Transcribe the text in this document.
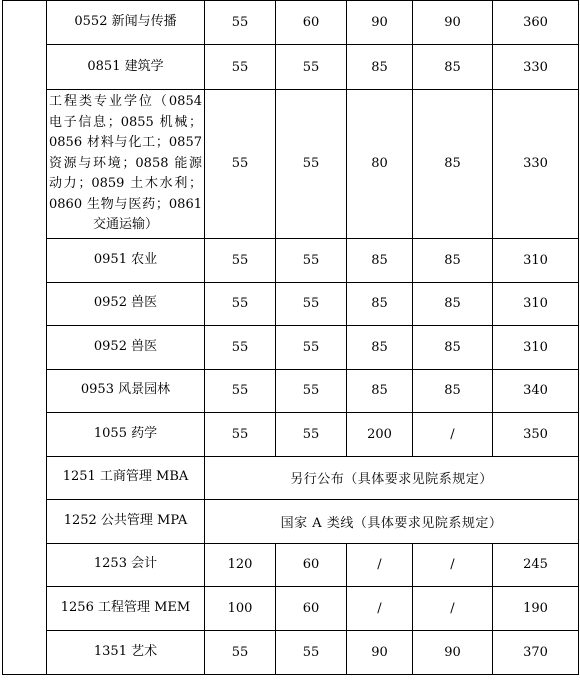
	0552 新闻与传播	55	60	90	90	360
	0851 建筑学	55	55	85	85	330
	工程类专业学位（0854 电子信息；0855 机械；0856 材料与化工；0857 资源与环境；0858 能源动力；0859 土木水利；0860 生物与医药；0861 交通运输）	55	55	80	85	330
	0951 农业	55	55	85	85	310
	0952 兽医	55	55	85	85	310
	0952 兽医	55	55	85	85	310
	0953 风景园林	55	55	85	85	340
	1055 药学	55	55	200	/	350
	1251 工商管理 MBA	另行公布（具体要求见院系规定）				
	1252 公共管理 MPA	国家 A 类线（具体要求见院系规定）				
	1253 会计	120	60	/	/	245
	1256 工程管理 MEM	100	60	/	/	190
	1351 艺术	55	55	90	90	370
